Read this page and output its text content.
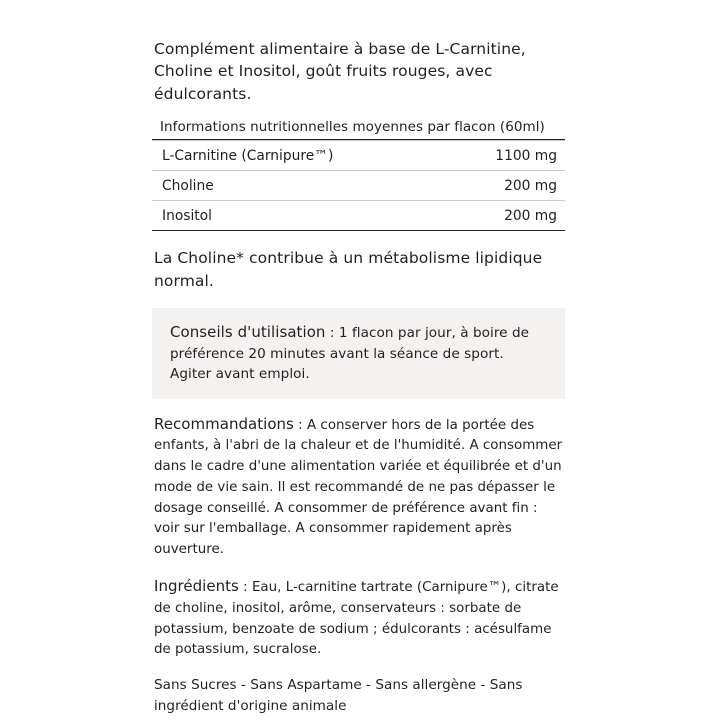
Complément alimentaire à base de L-Carnitine, Choline et Inositol, goût fruits rouges, avec édulcorants.

Informations nutritionnelles moyennes par flacon (60ml)

L-Carnitine (Carnipure™)	1100 mg
Choline	200 mg
Inositol	200 mg

La Choline* contribue à un métabolisme lipidique normal.

Conseils d'utilisation : 1 flacon par jour, à boire de préférence 20 minutes avant la séance de sport. Agiter avant emploi.

Recommandations : A conserver hors de la portée des enfants, à l'abri de la chaleur et de l'humidité. A consommer dans le cadre d'une alimentation variée et équilibrée et d'un mode de vie sain. Il est recommandé de ne pas dépasser le dosage conseillé. A consommer de préférence avant fin : voir sur l'emballage. A consommer rapidement après ouverture.

Ingrédients : Eau, L-carnitine tartrate (Carnipure™), citrate de choline, inositol, arôme, conservateurs : sorbate de potassium, benzoate de sodium ; édulcorants : acésulfame de potassium, sucralose.

Sans Sucres - Sans Aspartame - Sans allergène - Sans ingrédient d'origine animale
